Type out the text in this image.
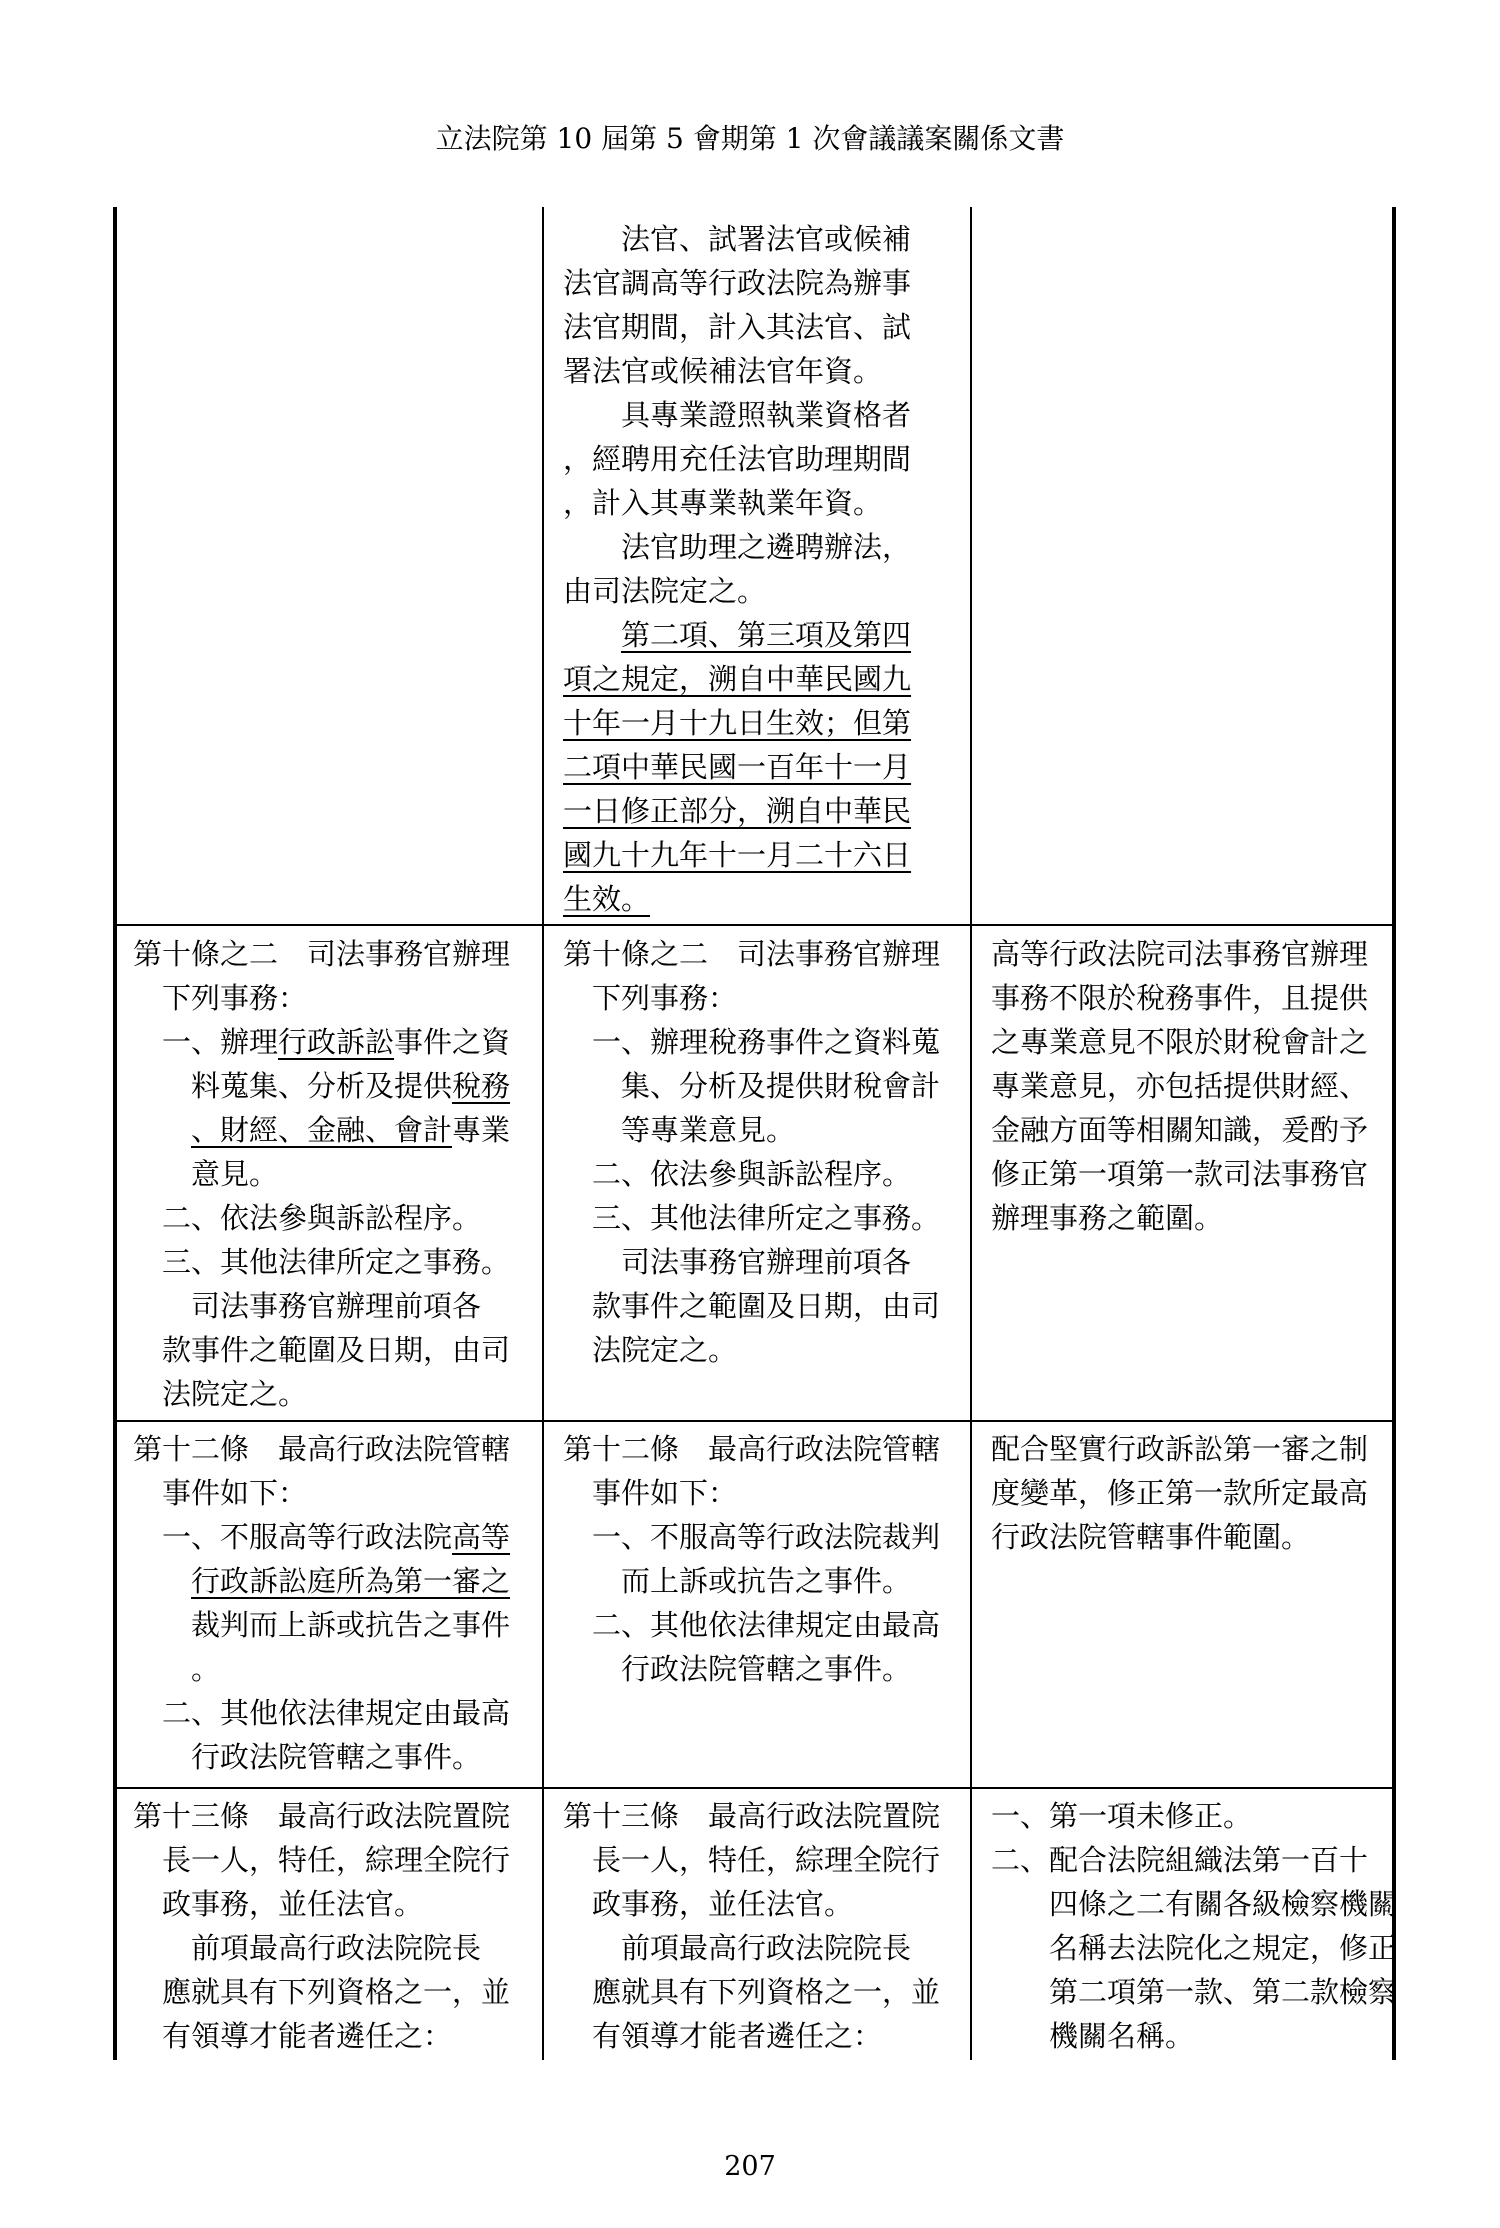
立法院第 10 屆第 5 會期第 1 次會議議案關係文書
法官、試署法官或候補
法官調高等行政法院為辦事
法官期間，計入其法官、試
署法官或候補法官年資。
具專業證照執業資格者
，經聘用充任法官助理期間
，計入其專業執業年資。
法官助理之遴聘辦法，
由司法院定之。
第二項、第三項及第四
項之規定，溯自中華民國九
十年一月十九日生效；但第
二項中華民國一百年十一月
一日修正部分，溯自中華民
國九十九年十一月二十六日
生效。
第十條之二　司法事務官辦理
下列事務：
一、辦理行政訴訟事件之資
料蒐集、分析及提供稅務
、財經、金融、會計專業
意見。
二、依法參與訴訟程序。
三、其他法律所定之事務。
司法事務官辦理前項各
款事件之範圍及日期，由司
法院定之。
第十條之二　司法事務官辦理
下列事務：
一、辦理稅務事件之資料蒐
集、分析及提供財稅會計
等專業意見。
二、依法參與訴訟程序。
三、其他法律所定之事務。
司法事務官辦理前項各
款事件之範圍及日期，由司
法院定之。
高等行政法院司法事務官辦理
事務不限於稅務事件，且提供
之專業意見不限於財稅會計之
專業意見，亦包括提供財經、
金融方面等相關知識，爰酌予
修正第一項第一款司法事務官
辦理事務之範圍。
第十二條　最高行政法院管轄
事件如下：
一、不服高等行政法院高等
行政訴訟庭所為第一審之
裁判而上訴或抗告之事件
。
二、其他依法律規定由最高
行政法院管轄之事件。
第十二條　最高行政法院管轄
事件如下：
一、不服高等行政法院裁判
而上訴或抗告之事件。
二、其他依法律規定由最高
行政法院管轄之事件。
配合堅實行政訴訟第一審之制
度變革，修正第一款所定最高
行政法院管轄事件範圍。
第十三條　最高行政法院置院
長一人，特任，綜理全院行
政事務，並任法官。
前項最高行政法院院長
應就具有下列資格之一，並
有領導才能者遴任之：
第十三條　最高行政法院置院
長一人，特任，綜理全院行
政事務，並任法官。
前項最高行政法院院長
應就具有下列資格之一，並
有領導才能者遴任之：
一、第一項未修正。
二、配合法院組織法第一百十
四條之二有關各級檢察機關
名稱去法院化之規定，修正
第二項第一款、第二款檢察
機關名稱。
207
